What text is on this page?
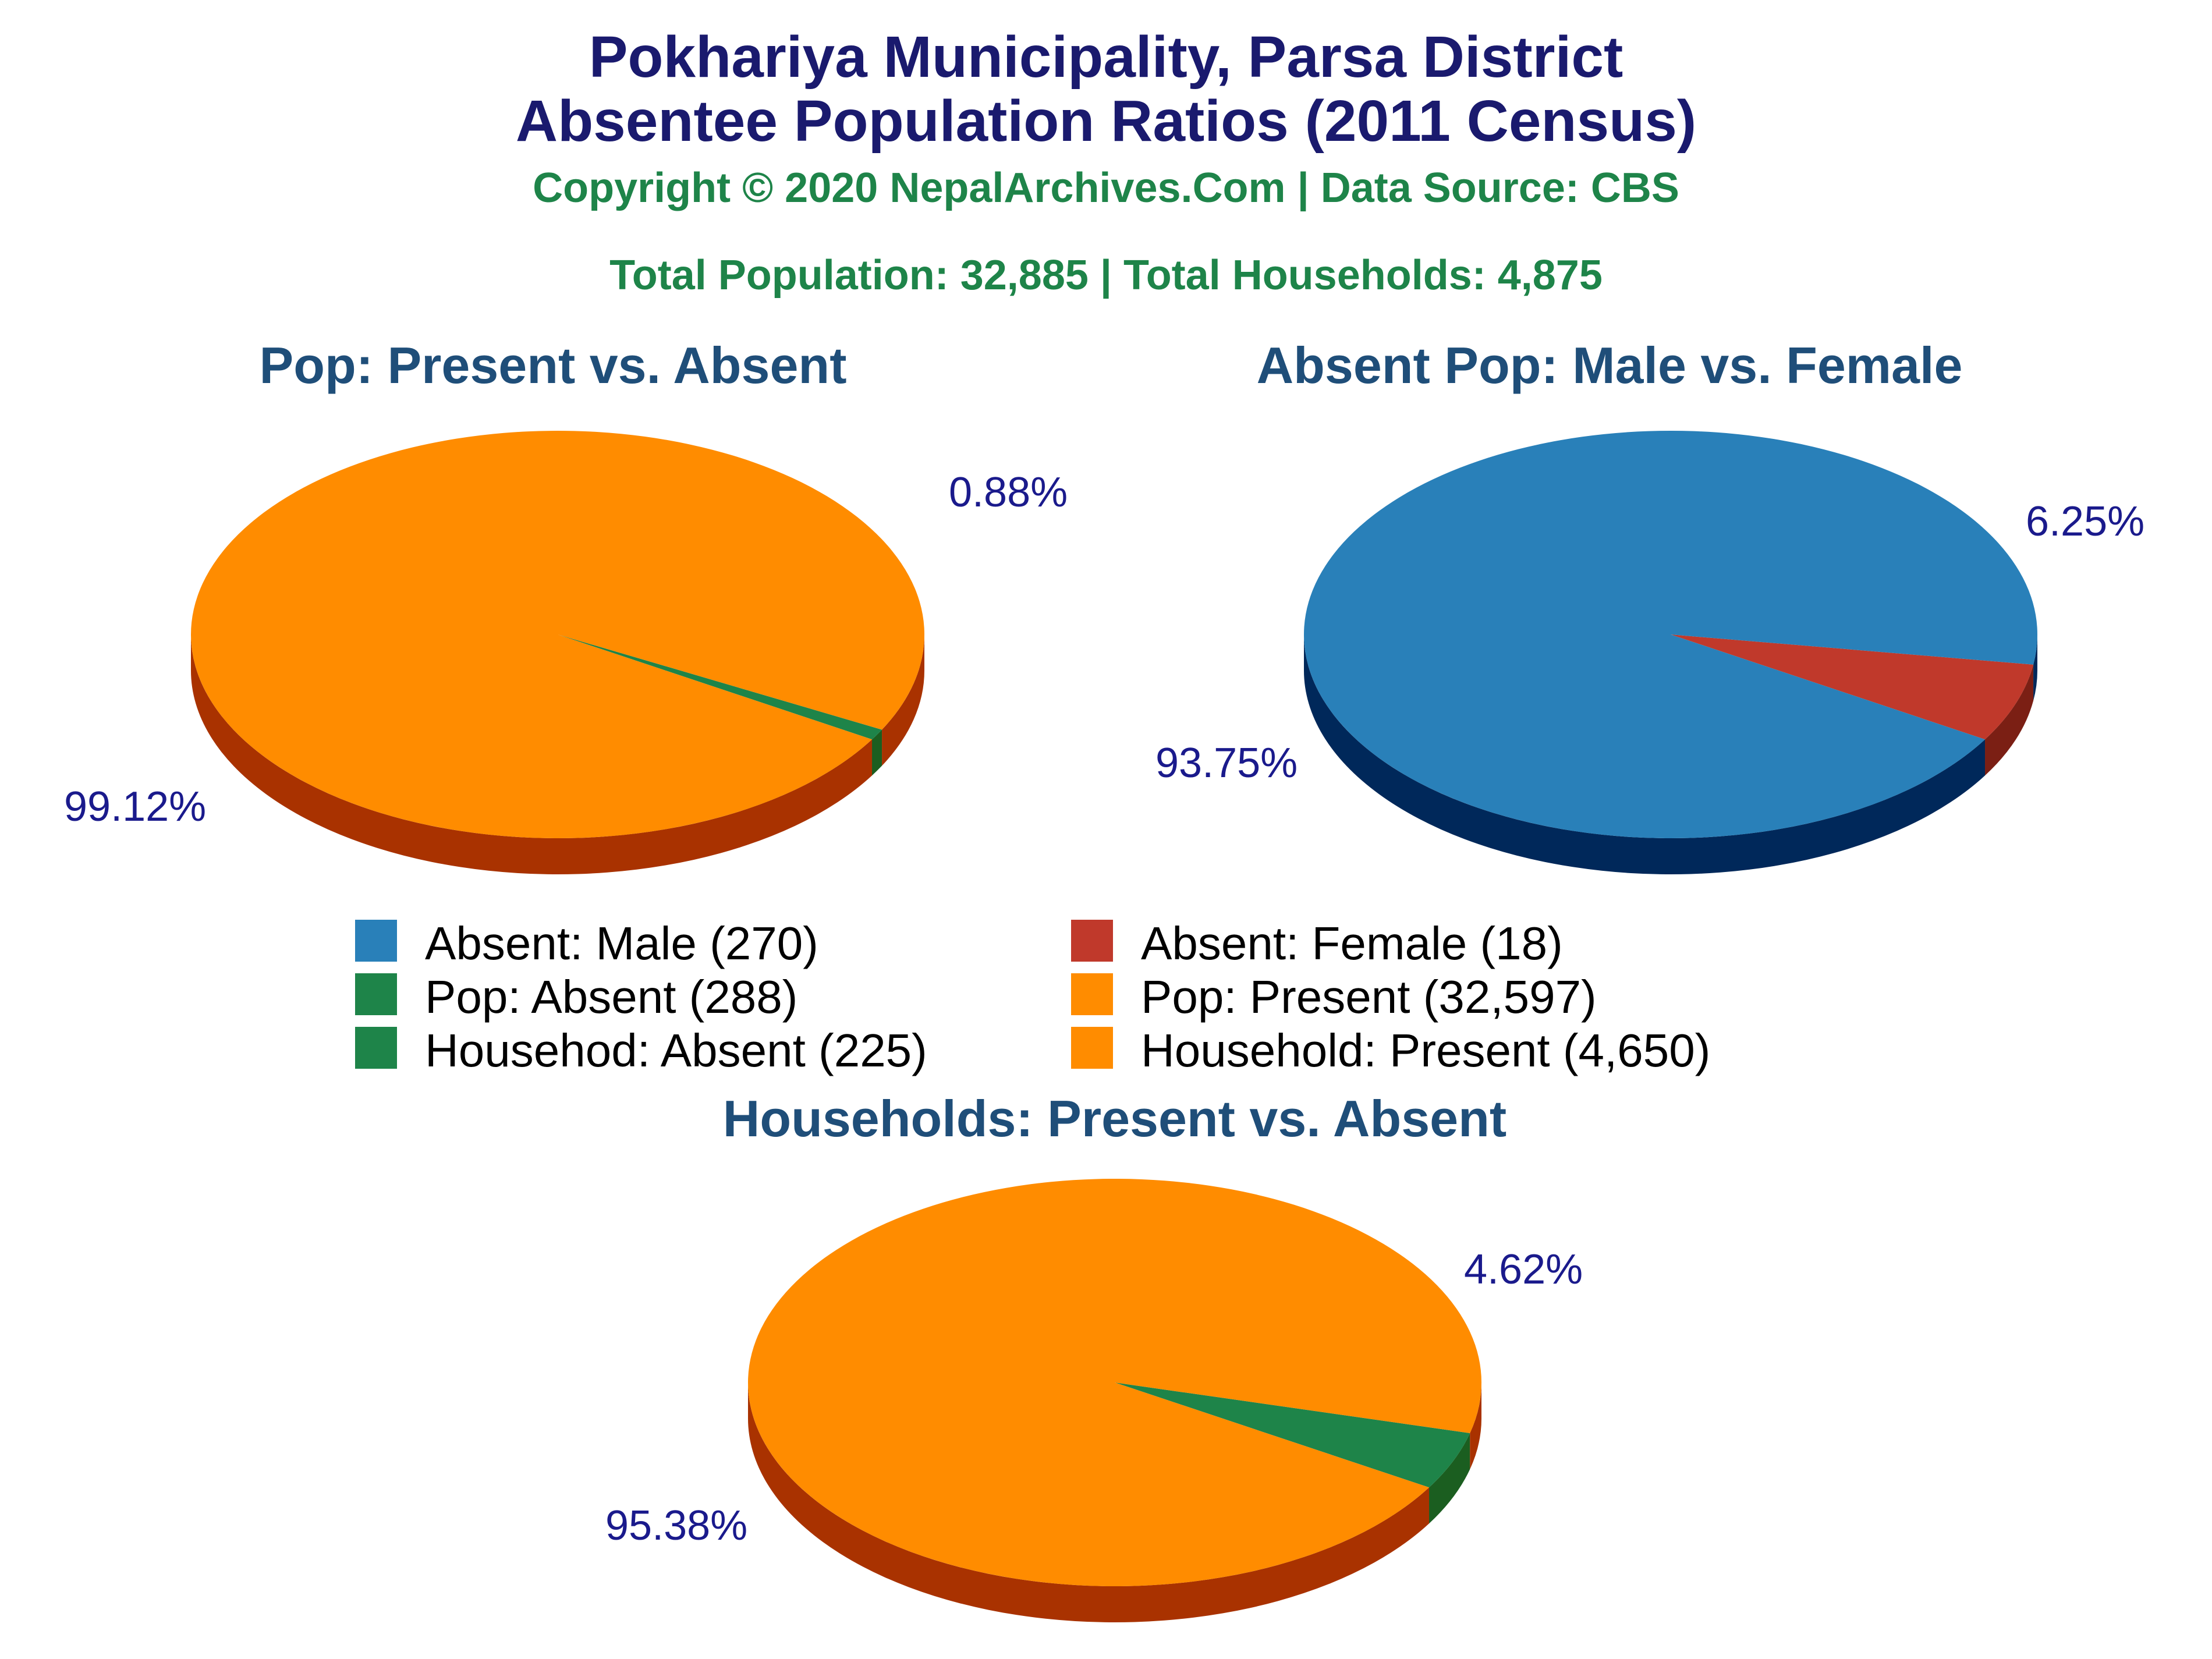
Pokhariya Municipality, Parsa District
Absentee Population Ratios (2011 Census)
Copyright © 2020 NepalArchives.Com | Data Source: CBS
Total Population: 32,885 | Total Households: 4,875
Pop: Present vs. Absent	Absent Pop: Male vs. Female
Households: Present vs. Absent
0.88%
99.12%
6.25%
93.75%
4.62%
95.38%
Absent: Male (270)	Absent: Female (18)
Pop: Absent (288)	Pop: Present (32,597)
Househod: Absent (225)	Household: Present (4,650)
